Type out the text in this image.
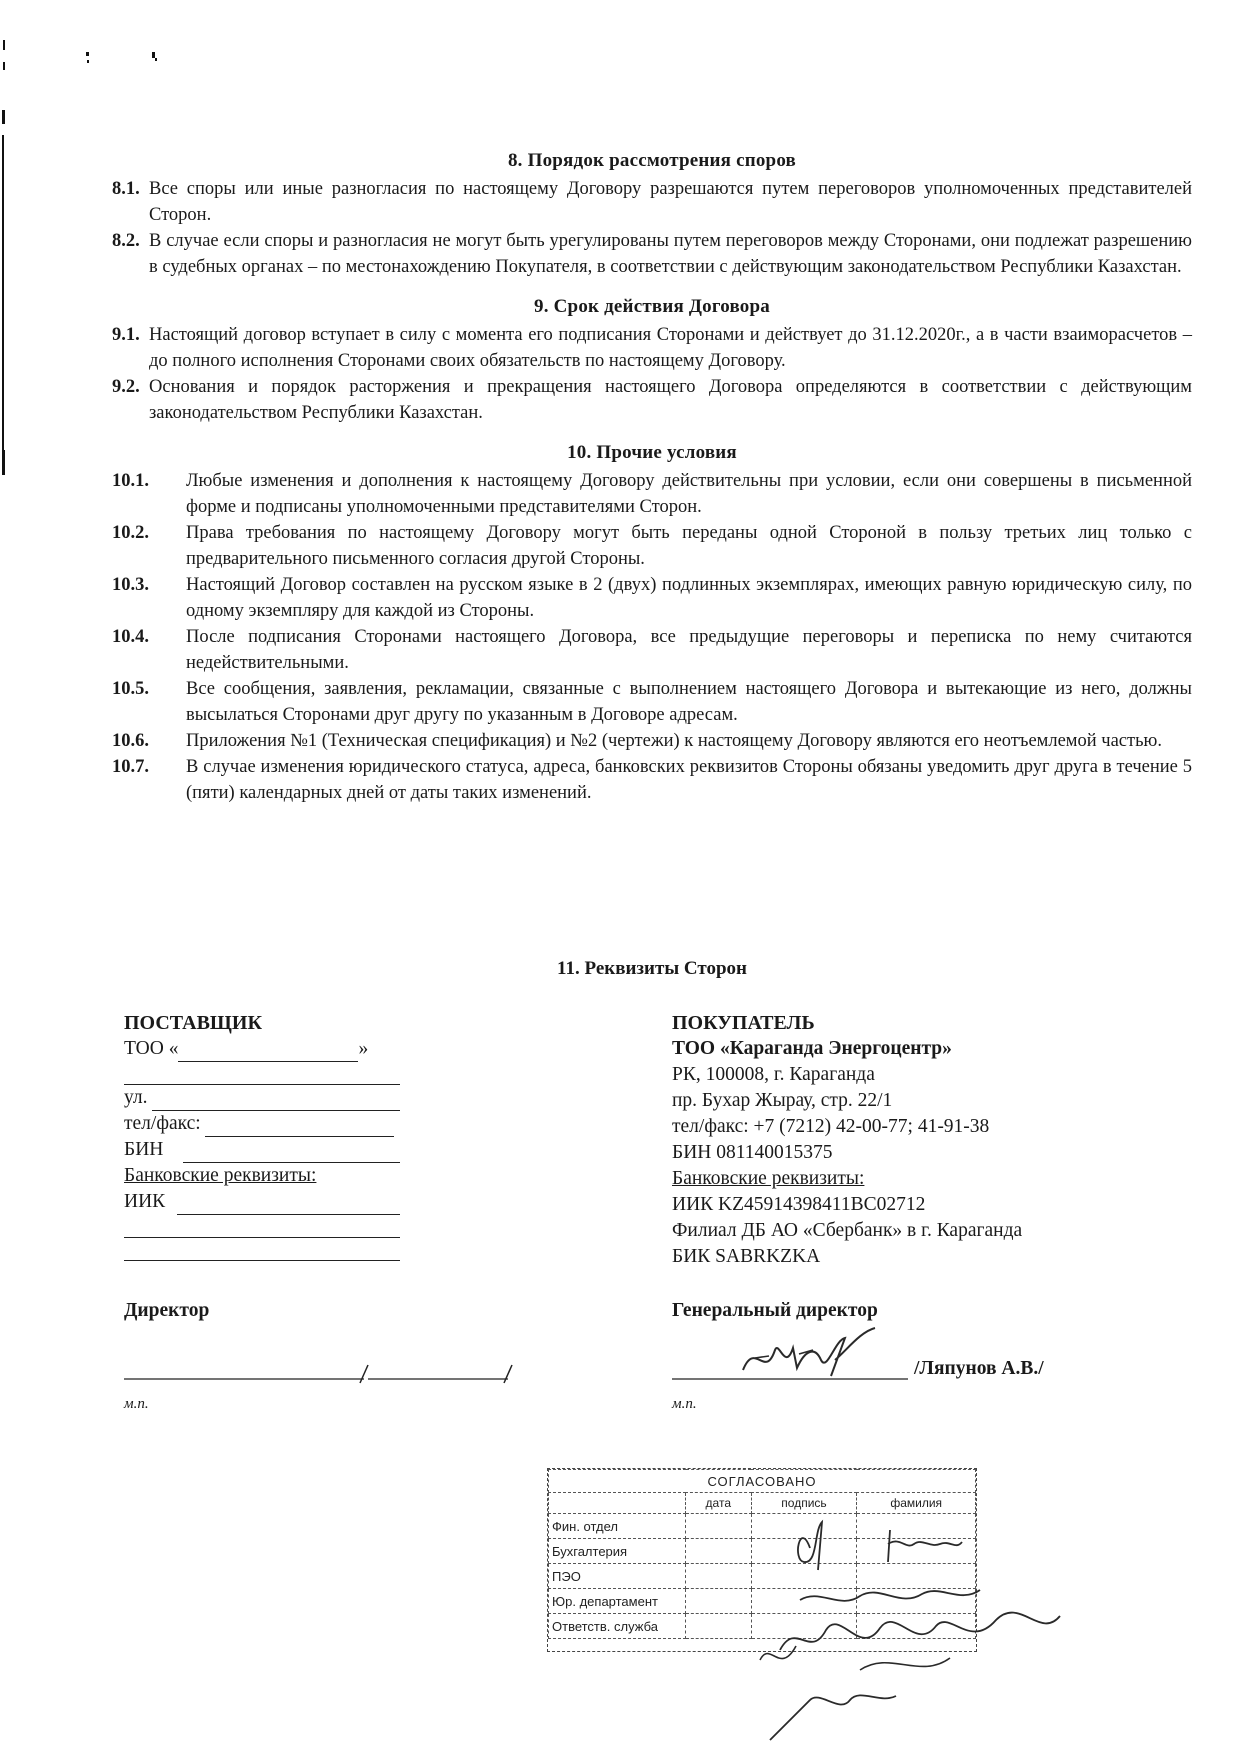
8. Порядок рассмотрения споров
8.1. Все споры или иные разногласия по настоящему Договору разрешаются путем переговоров уполномоченных представителей Сторон.
8.2. В случае если споры и разногласия не могут быть урегулированы путем переговоров между Сторонами, они подлежат разрешению в судебных органах – по местонахождению Покупателя, в соответствии с действующим законодательством Республики Казахстан.
9. Срок действия Договора
9.1. Настоящий договор вступает в силу с момента его подписания Сторонами и действует до 31.12.2020г., а в части взаиморасчетов – до полного исполнения Сторонами своих обязательств по настоящему Договору.
9.2. Основания и порядок расторжения и прекращения настоящего Договора определяются в соответствии с действующим законодательством Республики Казахстан.
10. Прочие условия
10.1.	Любые изменения и дополнения к настоящему Договору действительны при условии, если они совершены в письменной форме и подписаны уполномоченными представителями Сторон.
10.2.	Права требования по настоящему Договору могут быть переданы одной Стороной в пользу третьих лиц только с предварительного письменного согласия другой Стороны.
10.3.	Настоящий Договор составлен на русском языке в 2 (двух) подлинных экземплярах, имеющих равную юридическую силу, по одному экземпляру для каждой из Стороны.
10.4.	После подписания Сторонами настоящего Договора, все предыдущие переговоры и переписка по нему считаются недействительными.
10.5.	Все сообщения, заявления, рекламации, связанные с выполнением настоящего Договора и вытекающие из него, должны высылаться Сторонами друг другу по указанным в Договоре адресам.
10.6.	Приложения №1 (Техническая спецификация) и №2 (чертежи) к настоящему Договору являются его неотъемлемой частью.
10.7.	В случае изменения юридического статуса, адреса, банковских реквизитов Стороны обязаны уведомить друг друга в течение 5 (пяти) календарных дней от даты таких изменений.
11. Реквизиты Сторон
ПОСТАВЩИК
ТОО «	»
ул.
тел/факс:
БИН
Банковские реквизиты:
ИИК
ПОКУПАТЕЛЬ
ТОО «Караганда Энергоцентр»
РК, 100008, г. Караганда
пр. Бухар Жырау, стр. 22/1
тел/факс: +7 (7212) 42-00-77; 41-91-38
БИН 081140015375
Банковские реквизиты:
ИИК KZ45914398411BC02712
Филиал ДБ АО «Сбербанк» в г. Караганда
БИК SABRKZKA
Директор
м.п.
Генеральный директор
/Ляпунов А.В./
м.п.
СОГЛАСОВАНО			
	дата	подпись	фамилия
Фин. отдел			
Бухгалтерия			
ПЭО			
Юр. департамент			
Ответств. служба			
